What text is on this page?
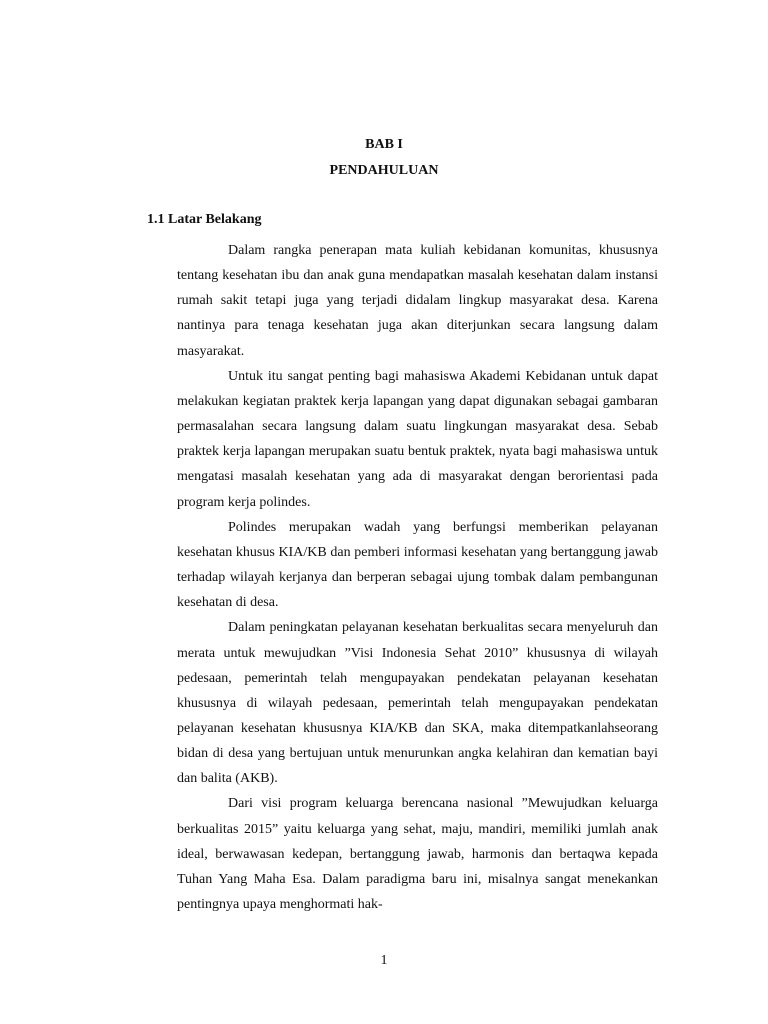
BAB I
PENDAHULUAN
1.1 Latar Belakang

Dalam rangka penerapan mata kuliah kebidanan komunitas, khususnya tentang kesehatan ibu dan anak guna mendapatkan masalah kesehatan dalam instansi rumah sakit tetapi juga yang terjadi didalam lingkup masyarakat desa. Karena nantinya para tenaga kesehatan juga akan diterjunkan secara langsung dalam masyarakat.

Untuk itu sangat penting bagi mahasiswa Akademi Kebidanan untuk dapat melakukan kegiatan praktek kerja lapangan yang dapat digunakan sebagai gambaran permasalahan secara langsung dalam suatu lingkungan masyarakat desa. Sebab praktek kerja lapangan merupakan suatu bentuk praktek, nyata bagi mahasiswa untuk mengatasi masalah kesehatan yang ada di masyarakat dengan berorientasi pada program kerja polindes.

Polindes merupakan wadah yang berfungsi memberikan pelayanan kesehatan khusus KIA/KB dan pemberi informasi kesehatan yang bertanggung jawab terhadap wilayah kerjanya dan berperan sebagai ujung tombak dalam pembangunan kesehatan di desa.

Dalam peningkatan pelayanan kesehatan berkualitas secara menyeluruh dan merata untuk mewujudkan ”Visi Indonesia Sehat 2010” khususnya di wilayah pedesaan, pemerintah telah mengupayakan pendekatan pelayanan kesehatan khususnya di wilayah pedesaan, pemerintah telah mengupayakan pendekatan pelayanan kesehatan khususnya KIA/KB dan SKA, maka ditempatkanlahseorang bidan di desa yang bertujuan untuk menurunkan angka kelahiran dan kematian bayi dan balita (AKB).

Dari visi program keluarga berencana nasional ”Mewujudkan keluarga berkualitas 2015” yaitu keluarga yang sehat, maju, mandiri, memiliki jumlah anak ideal, berwawasan kedepan, bertanggung jawab, harmonis dan bertaqwa kepada Tuhan Yang Maha Esa. Dalam paradigma baru ini, misalnya sangat menekankan pentingnya upaya menghormati hak-

1
